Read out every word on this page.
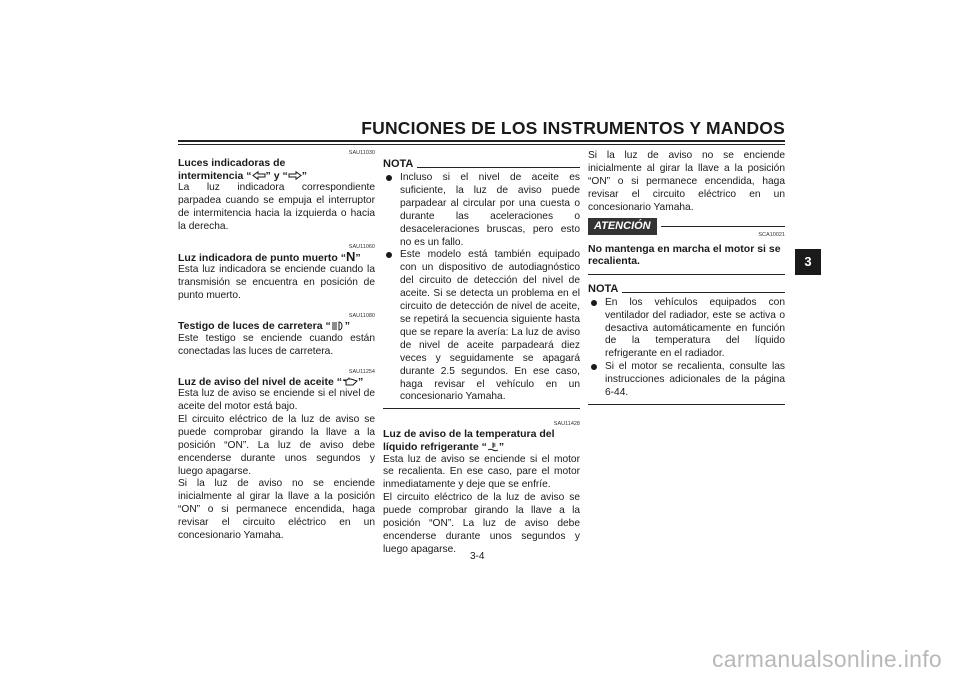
FUNCIONES DE LOS INSTRUMENTOS Y MANDOS
3
SAU11030
Luces indicadoras de
intermitencia “ ” y “ ”

La luz indicadora correspondiente parpadea cuando se empuja el interruptor de intermitencia hacia la izquierda o hacia la derecha.

SAU11060
Luz indicadora de punto muerto “N”

Esta luz indicadora se enciende cuando la transmisión se encuentra en posición de punto muerto.

SAU11080
Testigo de luces de carretera “ ”

Este testigo se enciende cuando están conectadas las luces de carretera.

SAU11254
Luz de aviso del nivel de aceite “ ”

Esta luz de aviso se enciende si el nivel de aceite del motor está bajo.

El circuito eléctrico de la luz de aviso se puede comprobar girando la llave a la posición “ON”. La luz de aviso debe encenderse durante unos segundos y luego apagarse.

Si la luz de aviso no se enciende inicialmente al girar la llave a la posición “ON” o si permanece encendida, haga revisar el circuito eléctrico en un concesionario Yamaha.

NOTA
Incluso si el nivel de aceite es suficiente, la luz de aviso puede parpadear al circular por una cuesta o durante las aceleraciones o desaceleraciones bruscas, pero esto no es un fallo.
Este modelo está también equipado con un dispositivo de autodiagnóstico del circuito de detección del nivel de aceite. Si se detecta un problema en el circuito de detección de nivel de aceite, se repetirá la secuencia siguiente hasta que se repare la avería: La luz de aviso de nivel de aceite parpadeará diez veces y seguidamente se apagará durante 2.5 segundos. En ese caso, haga revisar el vehículo en un concesionario Yamaha.
SAU11428
Luz de aviso de la temperatura del líquido refrigerante “ ”

Esta luz de aviso se enciende si el motor se recalienta. En ese caso, pare el motor inmediatamente y deje que se enfríe.

El circuito eléctrico de la luz de aviso se puede comprobar girando la llave a la posición “ON”. La luz de aviso debe encenderse durante unos segundos y luego apagarse.

Si la luz de aviso no se enciende inicialmente al girar la llave a la posición “ON” o si permanece encendida, haga revisar el circuito eléctrico en un concesionario Yamaha.

ATENCIÓN
SCA10021
No mantenga en marcha el motor si se recalienta.
NOTA
En los vehículos equipados con ventilador del radiador, este se activa o desactiva automáticamente en función de la temperatura del líquido refrigerante en el radiador.
Si el motor se recalienta, consulte las instrucciones adicionales de la página 6-44.
3-4
carmanualsonline.info
